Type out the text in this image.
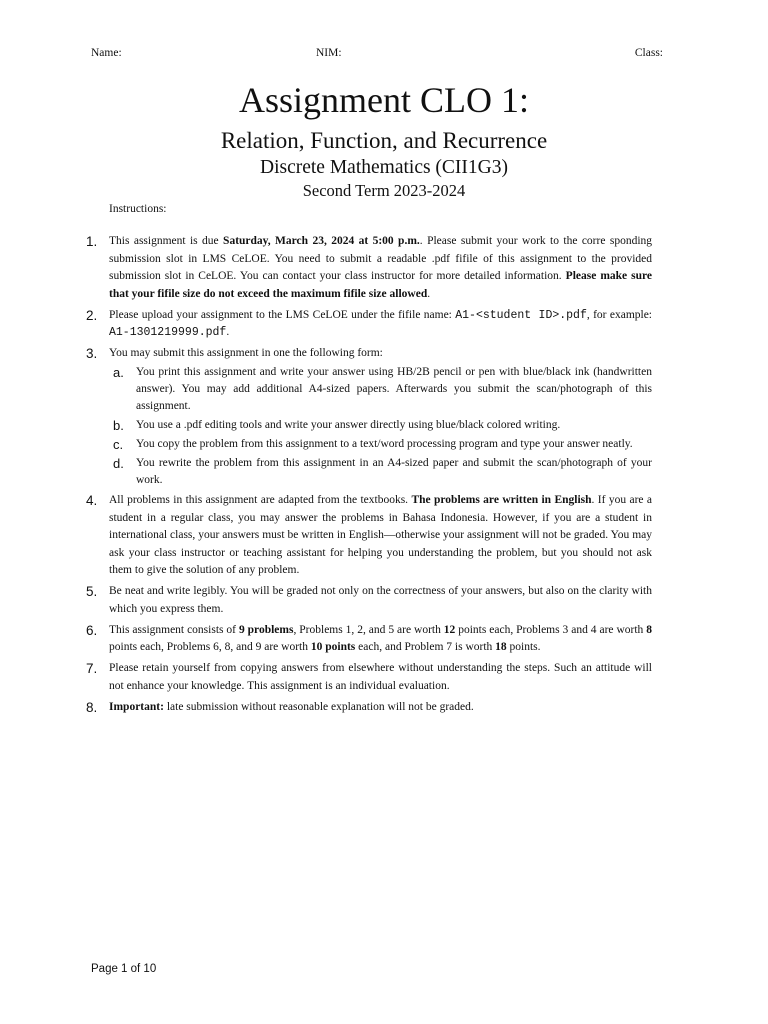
Name:	NIM:	Class:
Assignment CLO 1:
Relation, Function, and Recurrence
Discrete Mathematics (CII1G3)
Second Term 2023-2024
Instructions:
1. This assignment is due Saturday, March 23, 2024 at 5:00 p.m.. Please submit your work to the corre sponding submission slot in LMS CeLOE. You need to submit a readable .pdf fifile of this assignment to the provided submission slot in CeLOE. You can contact your class instructor for more detailed information. Please make sure that your fifile size do not exceed the maximum fifile size allowed.
2. Please upload your assignment to the LMS CeLOE under the fifile name: A1-<student ID>.pdf, for example: A1-1301219999.pdf.
3. You may submit this assignment in one the following form:
a. You print this assignment and write your answer using HB/2B pencil or pen with blue/black ink (handwritten answer). You may add additional A4-sized papers. Afterwards you submit the scan/photograph of this assignment.
b. You use a .pdf editing tools and write your answer directly using blue/black colored writing.
c. You copy the problem from this assignment to a text/word processing program and type your answer neatly.
d. You rewrite the problem from this assignment in an A4-sized paper and submit the scan/photograph of your work.
4. All problems in this assignment are adapted from the textbooks. The problems are written in English. If you are a student in a regular class, you may answer the problems in Bahasa Indonesia. However, if you are a student in international class, your answers must be written in English—otherwise your assignment will not be graded. You may ask your class instructor or teaching assistant for helping you understanding the problem, but you should not ask them to give the solution of any problem.
5. Be neat and write legibly. You will be graded not only on the correctness of your answers, but also on the clarity with which you express them.
6. This assignment consists of 9 problems, Problems 1, 2, and 5 are worth 12 points each, Problems 3 and 4 are worth 8 points each, Problems 6, 8, and 9 are worth 10 points each, and Problem 7 is worth 18 points.
7. Please retain yourself from copying answers from elsewhere without understanding the steps. Such an attitude will not enhance your knowledge. This assignment is an individual evaluation.
8. Important: late submission without reasonable explanation will not be graded.
Page 1 of 10
